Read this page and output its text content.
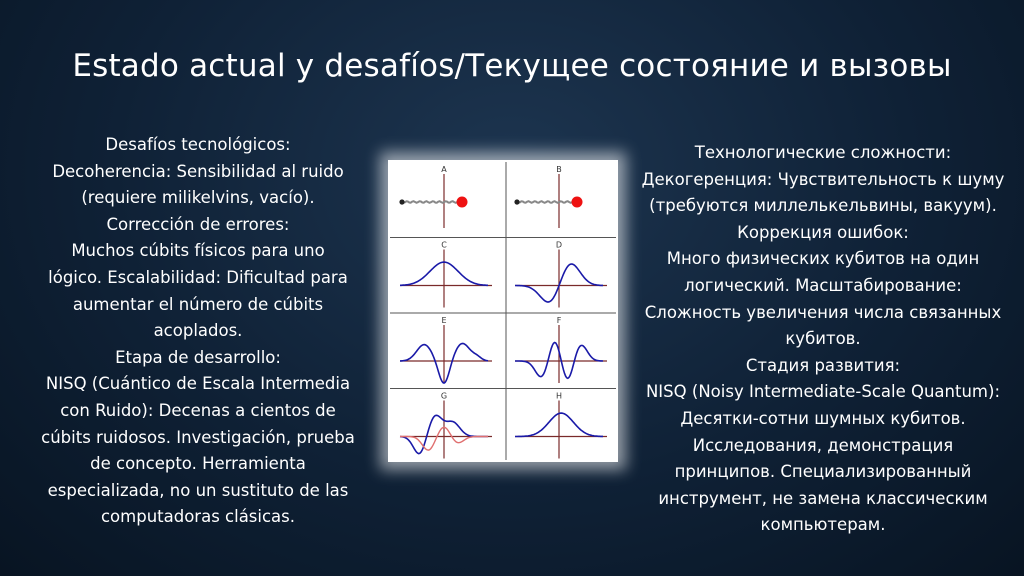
Estado actual y desafíos/Текущее состояние и вызовы
Desafíos tecnológicos:
Decoherencia: Sensibilidad al ruido
(requiere milikelvins, vacío).
Corrección de errores:
Muchos cúbits físicos para uno
lógico. Escalabilidad: Dificultad para
aumentar el número de cúbits
acoplados.
Etapa de desarrollo:
NISQ (Cuántico de Escala Intermedia
con Ruido): Decenas a cientos de
cúbits ruidosos. Investigación, prueba
de concepto. Herramienta
especializada, no un sustituto de las
computadoras clásicas.
A	B
C	D
E	F
G	H
Технологические сложности:
Декогеренция: Чувствительность к шуму
(требуются миллелькельвины, вакуум).
Коррекция ошибок:
Много физических кубитов на один
логический. Масштабирование:
Сложность увеличения числа связанных
кубитов.
Стадия развития:
NISQ (Noisy Intermediate-Scale Quantum):
Десятки-сотни шумных кубитов.
Исследования, демонстрация
принципов. Специализированный
инструмент, не замена классическим
компьютерам.
